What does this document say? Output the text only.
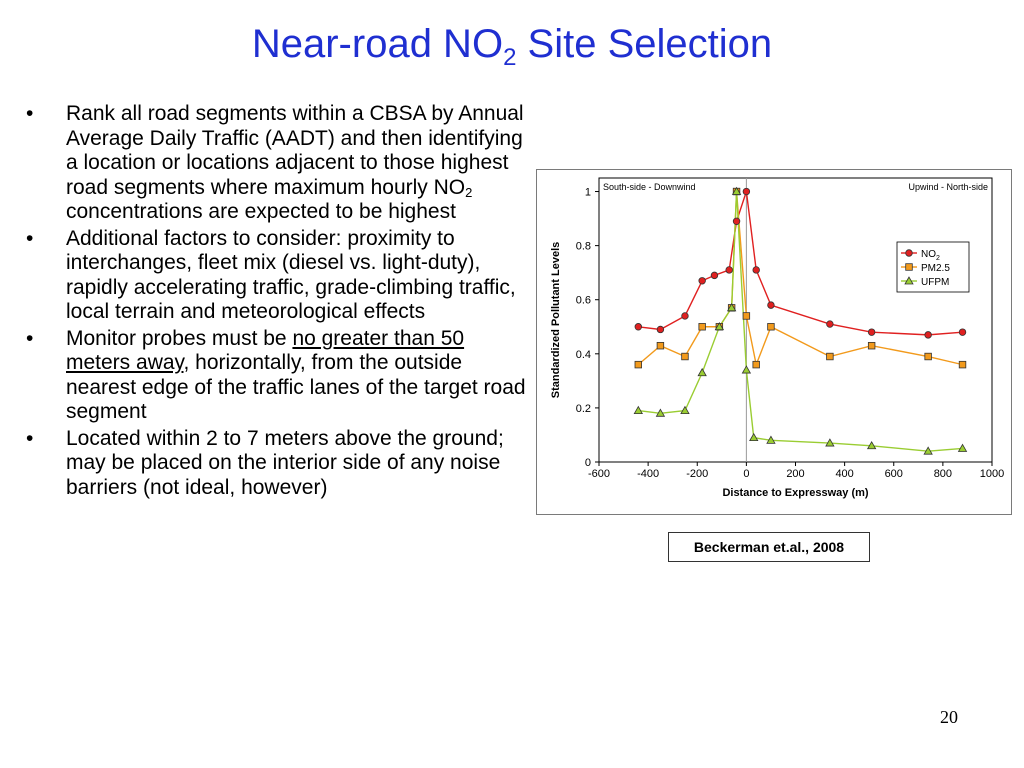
Near-road $NO_2$ Site Selection
• Rank all road segments within a CBSA by Annual Average Daily Traffic (AADT) and then identifying a location or locations adjacent to those highest road segments where maximum hourly $NO_2$ concentrations are expected to be highest
• Additional factors to consider: proximity to interchanges, fleet mix (diesel vs. light-duty), rapidly accelerating traffic, grade-climbing traffic, local terrain and meteorological effects
• Monitor probes must be no greater than 50 meters away, horizontally, from the outside nearest edge of the traffic lanes of the target road segment
• Located within 2 to 7 meters above the ground; may be placed on the interior side of any noise barriers (not ideal, however)
South-side - Downwind	Upwind - North-side
-600 -400 -200	0	200	400	600	800	1000
0
0.2
0.4
0.6
0.8
1
Distance to Expressway (m)
Standardized Pollutant Levels	$NO_2$
PM2.5
UFPM
Beckerman et.al., 2008
20
